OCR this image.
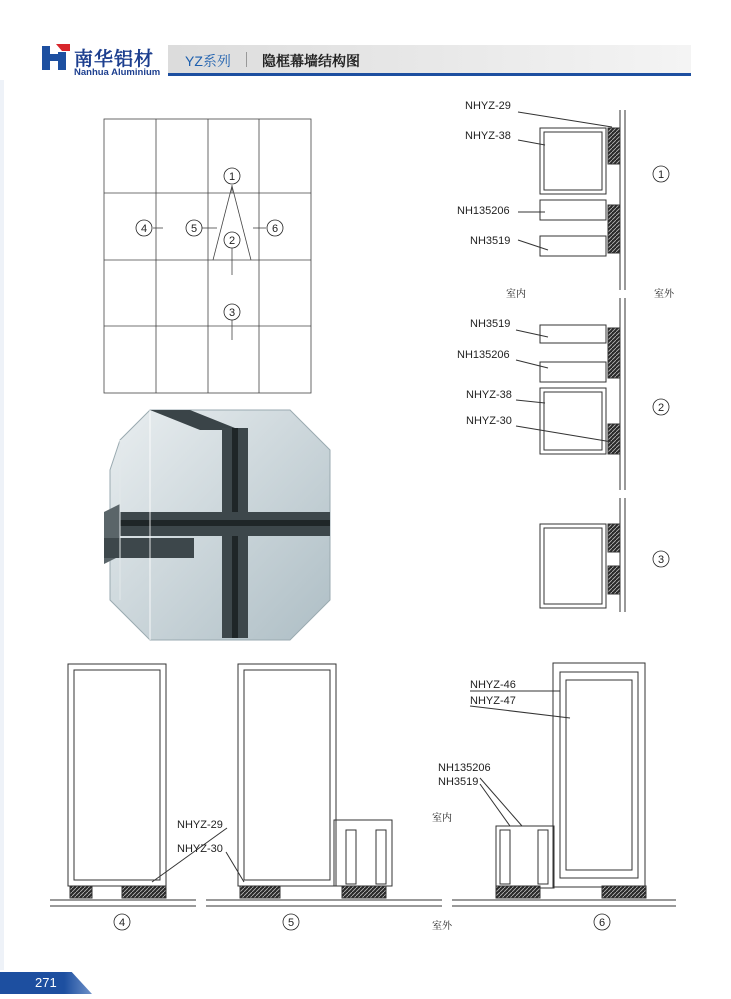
南华铝材
Nanhua Aluminium
YZ系列 隐框幕墙结构图
1
2
3
4	5	6
NHYZ-29
NHYZ-38
NH135206
NH3519
NH3519
NH135206
NHYZ-38
NHYZ-30
室内	室外
1
2
3
NHYZ-29
NHYZ-30
NHYZ-46
NHYZ-47
NH135206
NH3519
室内
室外
4	5	6
271
